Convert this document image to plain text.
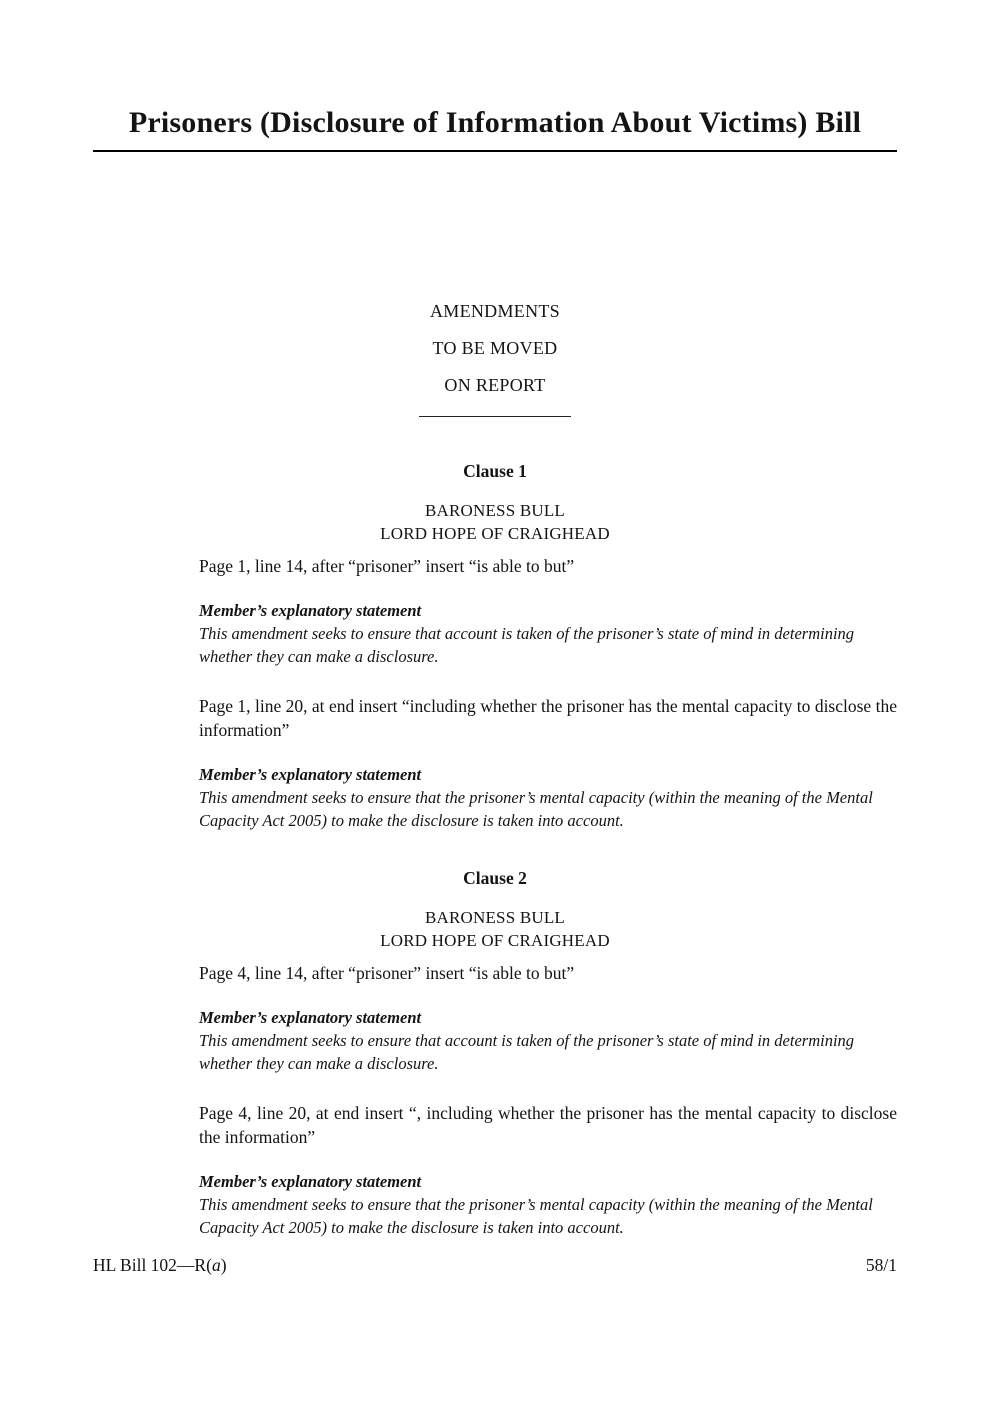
Prisoners (Disclosure of Information About Victims) Bill

AMENDMENTS

TO BE MOVED

ON REPORT

Clause 1
BARONESS BULL
LORD HOPE OF CRAIGHEAD

Page 1, line 14, after “prisoner” insert “is able to but”

Member’s explanatory statement
This amendment seeks to ensure that account is taken of the prisoner’s state of mind in determining whether they can make a disclosure.

Page 1, line 20, at end insert “including whether the prisoner has the mental capacity to disclose the information”

Member’s explanatory statement
This amendment seeks to ensure that the prisoner’s mental capacity (within the meaning of the Mental Capacity Act 2005) to make the disclosure is taken into account.
Clause 2
BARONESS BULL
LORD HOPE OF CRAIGHEAD

Page 4, line 14, after “prisoner” insert “is able to but”

Member’s explanatory statement
This amendment seeks to ensure that account is taken of the prisoner’s state of mind in determining whether they can make a disclosure.

Page 4, line 20, at end insert “, including whether the prisoner has the mental capacity to disclose the information”

Member’s explanatory statement
This amendment seeks to ensure that the prisoner’s mental capacity (within the meaning of the Mental Capacity Act 2005) to make the disclosure is taken into account.
HL Bill 102—R(a)	58/1
